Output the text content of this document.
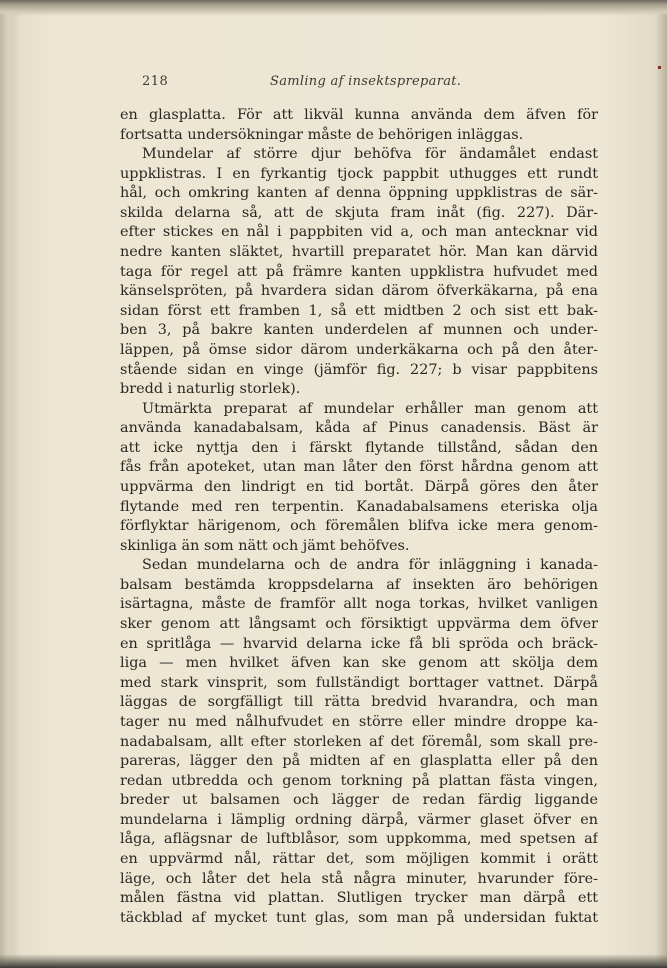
218	Samling af insektspreparat.
en glasplatta. För att likväl kunna använda dem äfven för
fortsatta undersökningar måste de behörigen inläggas.
Mundelar af större djur behöfva för ändamålet endast
uppklistras. I en fyrkantig tjock pappbit uthugges ett rundt
hål, och omkring kanten af denna öppning uppklistras de sär-
skilda delarna så, att de skjuta fram inåt (fig. 227). Där-
efter stickes en nål i pappbiten vid a, och man antecknar vid
nedre kanten släktet, hvartill preparatet hör. Man kan därvid
taga för regel att på främre kanten uppklistra hufvudet med
känselspröten, på hvardera sidan därom öfverkäkarna, på ena
sidan först ett framben 1, så ett midtben 2 och sist ett bak-
ben 3, på bakre kanten underdelen af munnen och under-
läppen, på ömse sidor därom underkäkarna och på den åter-
stående sidan en vinge (jämför fig. 227; b visar pappbitens
bredd i naturlig storlek).
Utmärkta preparat af mundelar erhåller man genom att
använda kanadabalsam, kåda af Pinus canadensis. Bäst är
att icke nyttja den i färskt flytande tillstånd, sådan den
fås från apoteket, utan man låter den först hårdna genom att
uppvärma den lindrigt en tid bortåt. Därpå göres den åter
flytande med ren terpentin. Kanadabalsamens eteriska olja
förflyktar härigenom, och föremålen blifva icke mera genom-
skinliga än som nätt och jämt behöfves.
Sedan mundelarna och de andra för inläggning i kanada-
balsam bestämda kroppsdelarna af insekten äro behörigen
isärtagna, måste de framför allt noga torkas, hvilket vanligen
sker genom att långsamt och försiktigt uppvärma dem öfver
en spritlåga — hvarvid delarna icke få bli spröda och bräck-
liga — men hvilket äfven kan ske genom att skölja dem
med stark vinsprit, som fullständigt borttager vattnet. Därpå
läggas de sorgfälligt till rätta bredvid hvarandra, och man
tager nu med nålhufvudet en större eller mindre droppe ka-
nadabalsam, allt efter storleken af det föremål, som skall pre-
pareras, lägger den på midten af en glasplatta eller på den
redan utbredda och genom torkning på plattan fästa vingen,
breder ut balsamen och lägger de redan färdig liggande
mundelarna i lämplig ordning därpå, värmer glaset öfver en
låga, aflägsnar de luftblåsor, som uppkomma, med spetsen af
en uppvärmd nål, rättar det, som möjligen kommit i orätt
läge, och låter det hela stå några minuter, hvarunder före-
målen fästna vid plattan. Slutligen trycker man därpå ett
täckblad af mycket tunt glas, som man på undersidan fuktat
